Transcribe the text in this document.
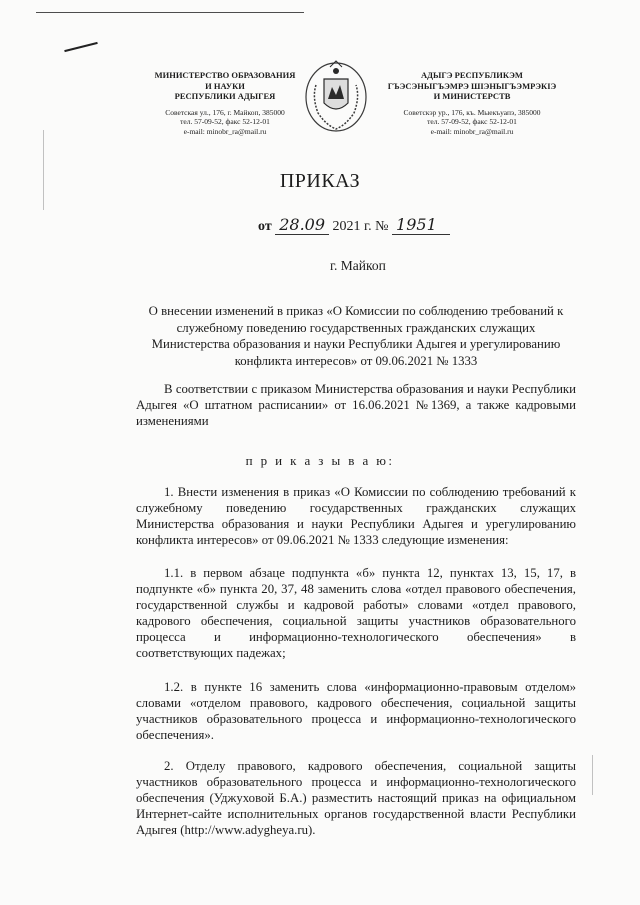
МИНИСТЕРСТВО ОБРАЗОВАНИЯ
И НАУКИ
РЕСПУБЛИКИ АДЫГЕЯ
Советская ул., 176, г. Майкоп, 385000
тел. 57-09-52, факс 52-12-01
e-mail: minobr_ra@mail.ru
АДЫГЭ РЕСПУБЛИКЭМ
ГЪЭСЭНЫГЪЭМРЭ ШIЭНЫГЪЭМРЭКIЭ
И МИНИСТЕРСТВ
Советскэр ур., 176, къ. Мыекъуапэ, 385000
тел. 57-09-52, факс 52-12-01
e-mail: minobr_ra@mail.ru
ПРИКАЗ
от 28.09 2021 г. № 1951
г. Майкоп
О внесении изменений в приказ «О Комиссии по соблюдению требований к служебному поведению государственных гражданских служащих Министерства образования и науки Республики Адыгея и урегулированию конфликта интересов» от 09.06.2021 № 1333
В соответствии с приказом Министерства образования и науки Республики Адыгея «О штатном расписании» от 16.06.2021 №1369, а также кадровыми изменениями
п р и к а з ы в а ю:
1. Внести изменения в приказ «О Комиссии по соблюдению требований к служебному поведению государственных гражданских служащих Министерства образования и науки Республики Адыгея и урегулированию конфликта интересов» от 09.06.2021 № 1333 следующие изменения:
1.1. в первом абзаце подпункта «б» пункта 12, пунктах 13, 15, 17, в подпункте «б» пункта 20, 37, 48 заменить слова «отдел правового обеспечения, государственной службы и кадровой работы» словами «отдел правового, кадрового обеспечения, социальной защиты участников образовательного процесса и информационно-технологического обеспечения» в соответствующих падежах;
1.2. в пункте 16 заменить слова «информационно-правовым отделом» словами «отделом правового, кадрового обеспечения, социальной защиты участников образовательного процесса и информационно-технологического обеспечения».
2. Отделу правового, кадрового обеспечения, социальной защиты участников образовательного процесса и информационно-технологического обеспечения (Уджуховой Б.А.) разместить настоящий приказ на официальном Интернет-сайте исполнительных органов государственной власти Республики Адыгея (http://www.adygheya.ru).
